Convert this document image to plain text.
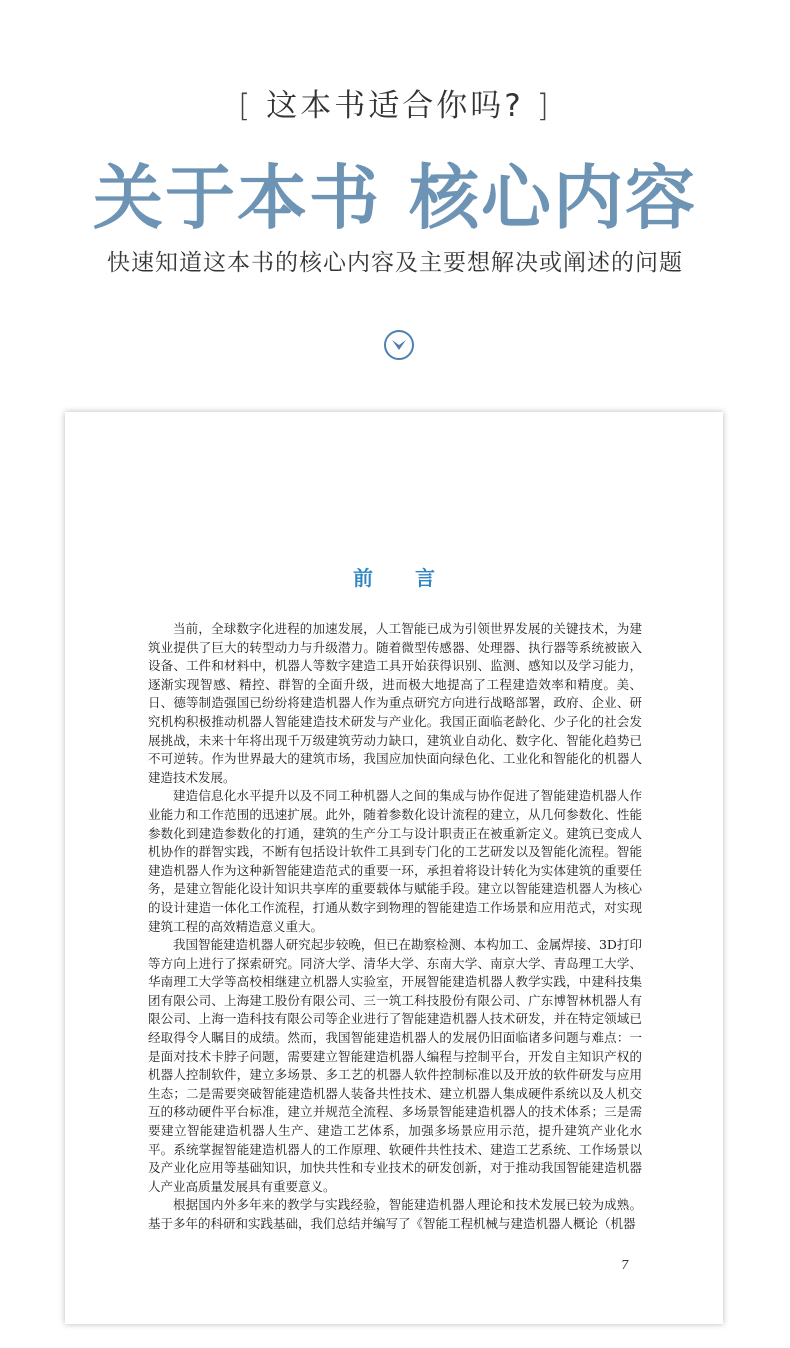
[ 这本书适合你吗? ]
关于本书 核心内容
快速知道这本书的核心内容及主要想解决或阐述的问题
前 言

当前，全球数字化进程的加速发展，人工智能已成为引领世界发展的关键技术，为建筑业提供了巨大的转型动力与升级潜力。随着微型传感器、处理器、执行器等系统被嵌入设备、工件和材料中，机器人等数字建造工具开始获得识别、监测、感知以及学习能力，逐渐实现智感、精控、群智的全面升级，进而极大地提高了工程建造效率和精度。美、日、德等制造强国已纷纷将建造机器人作为重点研究方向进行战略部署，政府、企业、研究机构积极推动机器人智能建造技术研发与产业化。我国正面临老龄化、少子化的社会发展挑战，未来十年将出现千万级建筑劳动力缺口，建筑业自动化、数字化、智能化趋势已不可逆转。作为世界最大的建筑市场，我国应加快面向绿色化、工业化和智能化的机器人建造技术发展。

建造信息化水平提升以及不同工种机器人之间的集成与协作促进了智能建造机器人作业能力和工作范围的迅速扩展。此外，随着参数化设计流程的建立，从几何参数化、性能参数化到建造参数化的打通，建筑的生产分工与设计职责正在被重新定义。建筑已变成人机协作的群智实践，不断有包括设计软件工具到专门化的工艺研发以及智能化流程。智能建造机器人作为这种新智能建造范式的重要一环，承担着将设计转化为实体建筑的重要任务，是建立智能化设计知识共享库的重要载体与赋能手段。建立以智能建造机器人为核心的设计建造一体化工作流程，打通从数字到物理的智能建造工作场景和应用范式，对实现建筑工程的高效精造意义重大。

我国智能建造机器人研究起步较晚，但已在勘察检测、本构加工、金属焊接、3D打印等方向上进行了探索研究。同济大学、清华大学、东南大学、南京大学、青岛理工大学、华南理工大学等高校相继建立机器人实验室，开展智能建造机器人教学实践，中建科技集团有限公司、上海建工股份有限公司、三一筑工科技股份有限公司、广东博智林机器人有限公司、上海一造科技有限公司等企业进行了智能建造机器人技术研发，并在特定领域已经取得令人瞩目的成绩。然而，我国智能建造机器人的发展仍旧面临诸多问题与难点：一是面对技术卡脖子问题，需要建立智能建造机器人编程与控制平台，开发自主知识产权的机器人控制软件，建立多场景、多工艺的机器人软件控制标准以及开放的软件研发与应用生态；二是需要突破智能建造机器人装备共性技术、建立机器人集成硬件系统以及人机交互的移动硬件平台标准，建立并规范全流程、多场景智能建造机器人的技术体系；三是需要建立智能建造机器人生产、建造工艺体系，加强多场景应用示范，提升建筑产业化水平。系统掌握智能建造机器人的工作原理、软硬件共性技术、建造工艺系统、工作场景以及产业化应用等基础知识，加快共性和专业技术的研发创新，对于推动我国智能建造机器人产业高质量发展具有重要意义。

根据国内外多年来的教学与实践经验，智能建造机器人理论和技术发展已较为成熟。基于多年的科研和实践基础，我们总结并编写了《智能工程机械与建造机器人概论（机器

7
